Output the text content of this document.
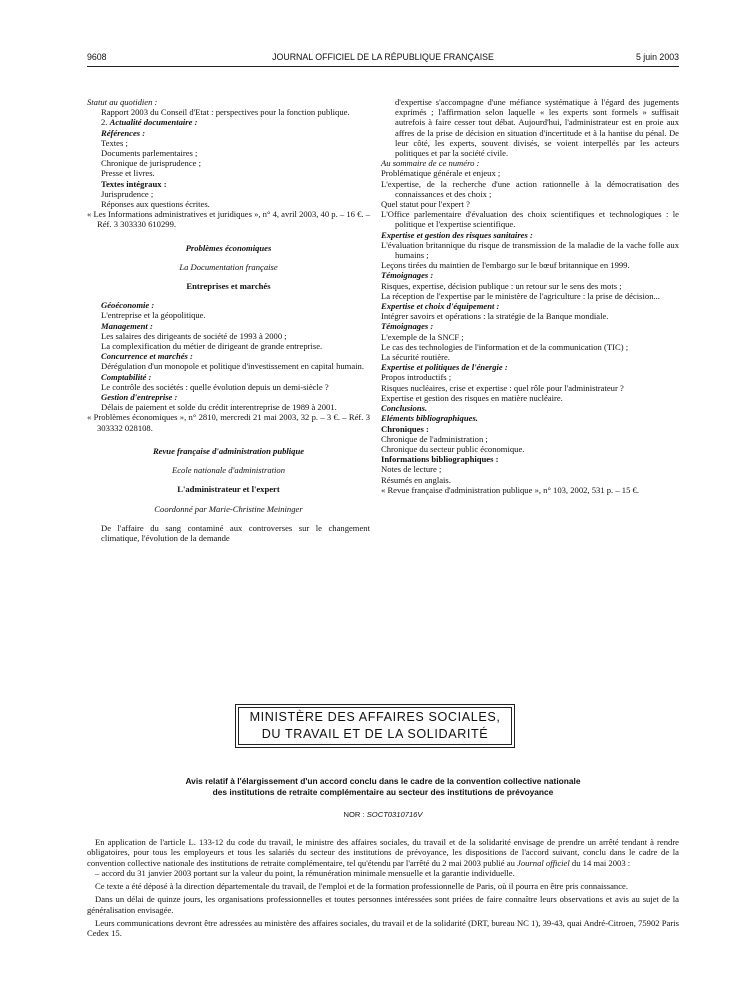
9608	JOURNAL OFFICIEL DE LA RÉPUBLIQUE FRANÇAISE	5 juin 2003

Statut au quotidien :

Rapport 2003 du Conseil d'Etat : perspectives pour la fonction publique.

2. Actualité documentaire :

Références :

Textes ;

Documents parlementaires ;

Chronique de jurisprudence ;

Presse et livres.

Textes intégraux :

Jurisprudence ;

Réponses aux questions écrites.

« Les Informations administratives et juridiques », n° 4, avril 2003, 40 p. – 16 €. – Réf. 3 303330 610299.

Problèmes économiques

La Documentation française

Entreprises et marchés

Géoéconomie :

L'entreprise et la géopolitique.

Management :

Les salaires des dirigeants de société de 1993 à 2000 ;

La complexification du métier de dirigeant de grande entreprise.

Concurrence et marchés :

Dérégulation d'un monopole et politique d'investissement en capital humain.

Comptabilité :

Le contrôle des sociétés : quelle évolution depuis un demi-siècle ?

Gestion d'entreprise :

Délais de paiement et solde du crédit interentreprise de 1989 à 2001.

« Problèmes économiques », n° 2810, mercredi 21 mai 2003, 32 p. – 3 €. – Réf. 3 303332 028108.

Revue française d'administration publique

Ecole nationale d'administration

L'administrateur et l'expert

Coordonné par Marie-Christine Meininger

De l'affaire du sang contaminé aux controverses sur le changement climatique, l'évolution de la demande

d'expertise s'accompagne d'une méfiance systématique à l'égard des jugements exprimés ; l'affirmation selon laquelle « les experts sont formels » suffisait autrefois à faire cesser tout débat. Aujourd'hui, l'administrateur est en proie aux affres de la prise de décision en situation d'incertitude et à la hantise du pénal. De leur côté, les experts, souvent divisés, se voient interpellés par les acteurs politiques et par la société civile.

Au sommaire de ce numéro :

Problématique générale et enjeux ;

L'expertise, de la recherche d'une action rationnelle à la démocratisation des connaissances et des choix ;

Quel statut pour l'expert ?

L'Office parlementaire d'évaluation des choix scientifiques et technologiques : le politique et l'expertise scientifique.

Expertise et gestion des risques sanitaires :

L'évaluation britannique du risque de transmission de la maladie de la vache folle aux humains ;

Leçons tirées du maintien de l'embargo sur le bœuf britannique en 1999.

Témoignages :

Risques, expertise, décision publique : un retour sur le sens des mots ;

La réception de l'expertise par le ministère de l'agriculture : la prise de décision...

Expertise et choix d'équipement :

Intégrer savoirs et opérations : la stratégie de la Banque mondiale.

Témoignages :

L'exemple de la SNCF ;

Le cas des technologies de l'information et de la communication (TIC) ;

La sécurité routière.

Expertise et politiques de l'énergie :

Propos introductifs ;

Risques nucléaires, crise et expertise : quel rôle pour l'administrateur ?

Expertise et gestion des risques en matière nucléaire.

Conclusions.

Eléments bibliographiques.

Chroniques :

Chronique de l'administration ;

Chronique du secteur public économique.

Informations bibliographiques :

Notes de lecture ;

Résumés en anglais.

« Revue française d'administration publique », n° 103, 2002, 531 p. – 15 €.

MINISTÈRE DES AFFAIRES SOCIALES,
DU TRAVAIL ET DE LA SOLIDARITÉ
Avis relatif à l'élargissement d'un accord conclu dans le cadre de la convention collective nationale
des institutions de retraite complémentaire au secteur des institutions de prévoyance
NOR : SOCT0310716V

En application de l'article L. 133-12 du code du travail, le ministre des affaires sociales, du travail et de la solidarité envisage de prendre un arrêté tendant à rendre obligatoires, pour tous les employeurs et tous les salariés du secteur des institutions de prévoyance, les dispositions de l'accord suivant, conclu dans le cadre de la convention collective nationale des institutions de retraite complémentaire, tel qu'étendu par l'arrêté du 2 mai 2003 publié au Journal officiel du 14 mai 2003 :

– accord du 31 janvier 2003 portant sur la valeur du point, la rémunération minimale mensuelle et la garantie individuelle.

Ce texte a été déposé à la direction départementale du travail, de l'emploi et de la formation professionnelle de Paris, où il pourra en être pris connaissance.

Dans un délai de quinze jours, les organisations professionnelles et toutes personnes intéressées sont priées de faire connaître leurs observations et avis au sujet de la généralisation envisagée.

Leurs communications devront être adressées au ministère des affaires sociales, du travail et de la solidarité (DRT, bureau NC 1), 39-43, quai André-Citroen, 75902 Paris Cedex 15.
